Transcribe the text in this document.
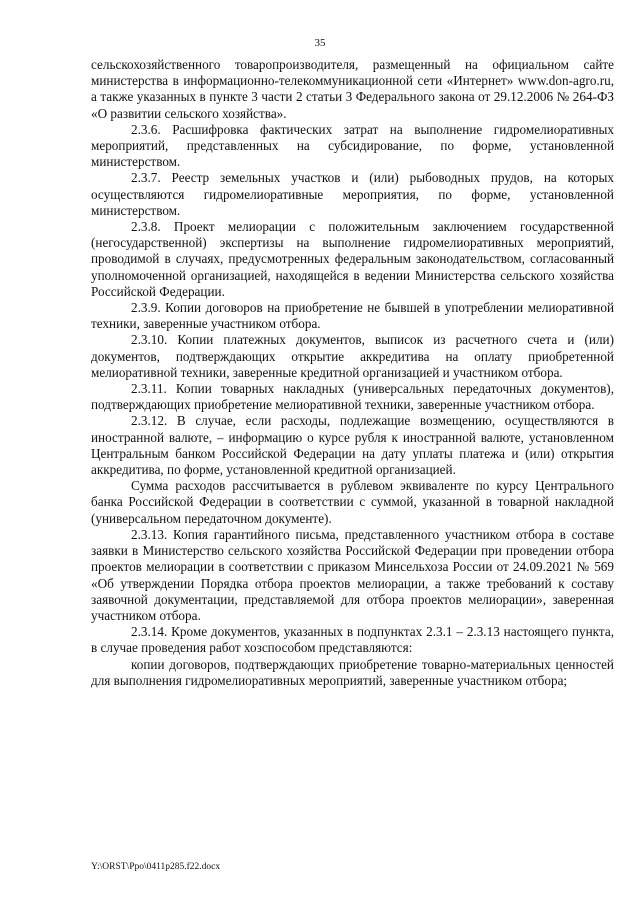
35

сельскохозяйственного товаропроизводителя, размещенный на официальном сайте министерства в информационно-телекоммуникационной сети «Интернет» www.don-agro.ru, а также указанных в пункте 3 части 2 статьи 3 Федерального закона от 29.12.2006 № 264-ФЗ «О развитии сельского хозяйства».

2.3.6. Расшифровка фактических затрат на выполнение гидромелиоративных мероприятий, представленных на субсидирование, по форме, установленной министерством.

2.3.7. Реестр земельных участков и (или) рыбоводных прудов, на которых осуществляются гидромелиоративные мероприятия, по форме, установленной министерством.

2.3.8. Проект мелиорации с положительным заключением государственной (негосударственной) экспертизы на выполнение гидромелиоративных мероприятий, проводимой в случаях, предусмотренных федеральным законодательством, согласованный уполномоченной организацией, находящейся в ведении Министерства сельского хозяйства Российской Федерации.

2.3.9. Копии договоров на приобретение не бывшей в употреблении мелиоративной техники, заверенные участником отбора.

2.3.10. Копии платежных документов, выписок из расчетного счета и (или) документов, подтверждающих открытие аккредитива на оплату приобретенной мелиоративной техники, заверенные кредитной организацией и участником отбора.

2.3.11. Копии товарных накладных (универсальных передаточных документов), подтверждающих приобретение мелиоративной техники, заверенные участником отбора.

2.3.12. В случае, если расходы, подлежащие возмещению, осуществляются в иностранной валюте, – информацию о курсе рубля к иностранной валюте, установленном Центральным банком Российской Федерации на дату уплаты платежа и (или) открытия аккредитива, по форме, установленной кредитной организацией.

Сумма расходов рассчитывается в рублевом эквиваленте по курсу Центрального банка Российской Федерации в соответствии с суммой, указанной в товарной накладной (универсальном передаточном документе).

2.3.13. Копия гарантийного письма, представленного участником отбора в составе заявки в Министерство сельского хозяйства Российской Федерации при проведении отбора проектов мелиорации в соответствии с приказом Минсельхоза России от 24.09.2021 № 569 «Об утверждении Порядка отбора проектов мелиорации, а также требований к составу заявочной документации, представляемой для отбора проектов мелиорации», заверенная участником отбора.

2.3.14. Кроме документов, указанных в подпунктах 2.3.1 – 2.3.13 настоящего пункта, в случае проведения работ хозспособом представляются:

копии договоров, подтверждающих приобретение товарно-материальных ценностей для выполнения гидромелиоративных мероприятий, заверенные участником отбора;

Y:\ORST\Ppo\0411p285.f22.docx
